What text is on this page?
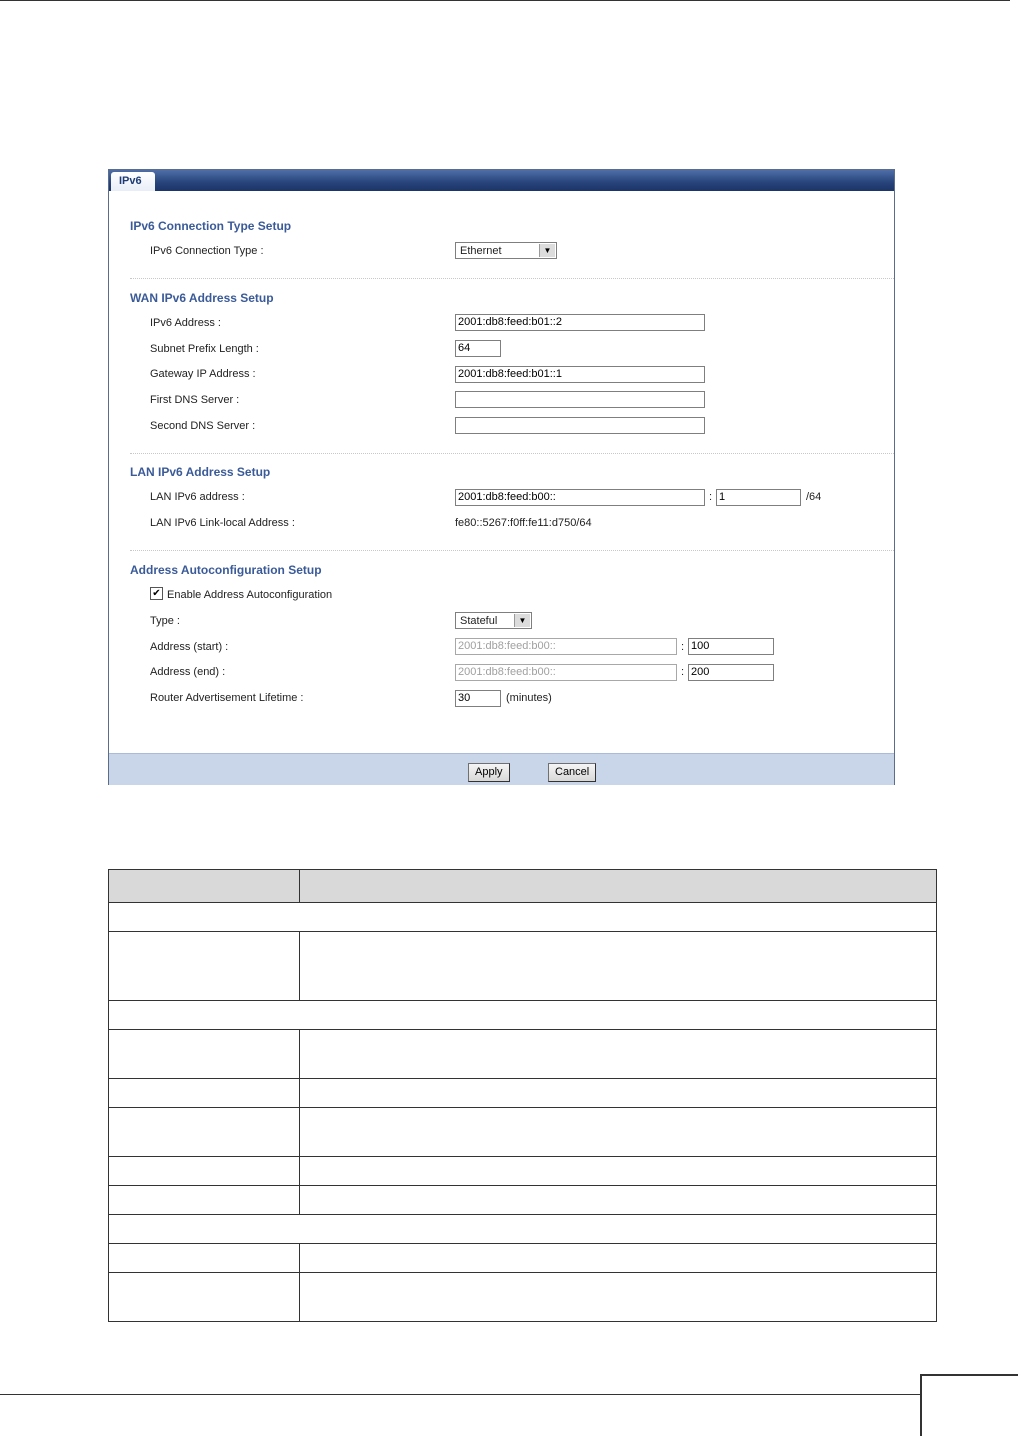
IPv6
IPv6 Connection Type Setup
IPv6 Connection Type :	Ethernet	▼
WAN IPv6 Address Setup
IPv6 Address :	2001:db8:feed:b01::2
Subnet Prefix Length :	64
Gateway IP Address :	2001:db8:feed:b01::1
First DNS Server :
Second DNS Server :
LAN IPv6 Address Setup
LAN IPv6 address :	2001:db8:feed:b00::	: 1	/64
LAN IPv6 Link-local Address :	fe80::5267:f0ff:fe11:d750/64
Address Autoconfiguration Setup
✔ Enable Address Autoconfiguration
Type :	Stateful	▼
Address (start) :	2001:db8:feed:b00::	: 100
Address (end) :	2001:db8:feed:b00::	: 200
Router Advertisement Lifetime :	30	(minutes)
Apply	Cancel
